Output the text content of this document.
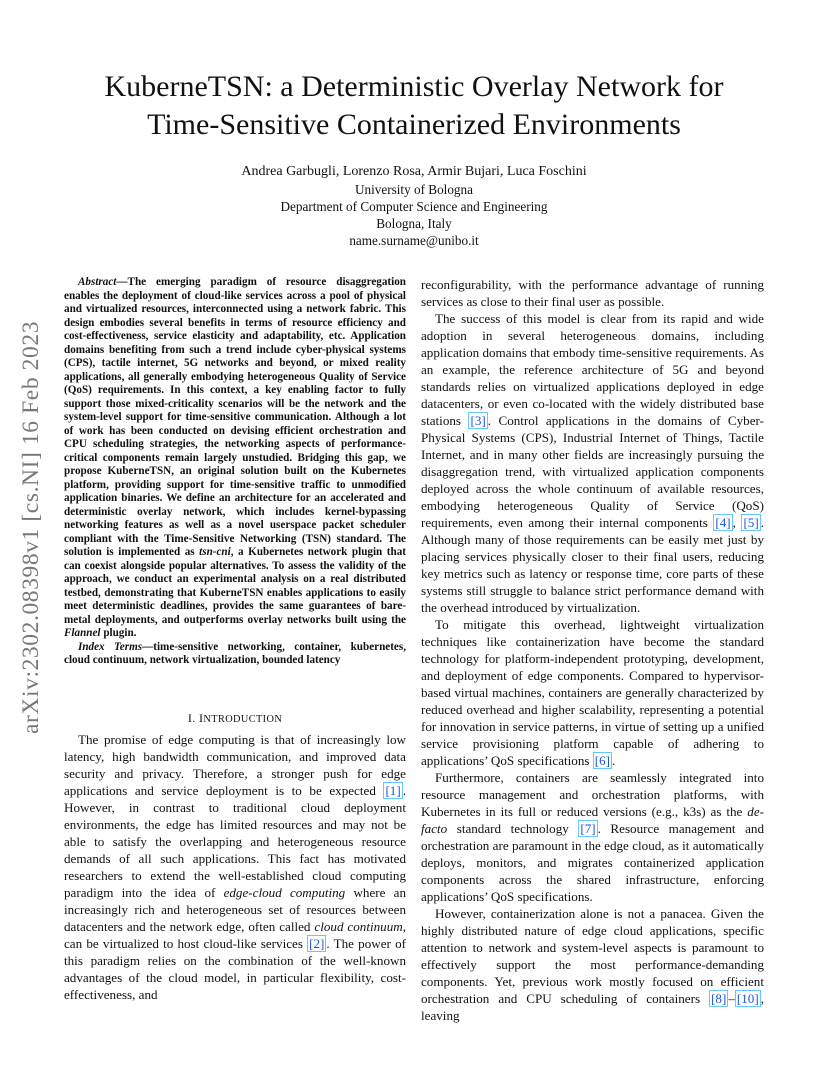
arXiv:2302.08398v1 [cs.NI] 16 Feb 2023
KuberneTSN: a Deterministic Overlay Network for
Time-Sensitive Containerized Environments
Andrea Garbugli, Lorenzo Rosa, Armir Bujari, Luca Foschini
University of Bologna
Department of Computer Science and Engineering
Bologna, Italy
name.surname@unibo.it

Abstract—The emerging paradigm of resource disaggregation enables the deployment of cloud-like services across a pool of physical and virtualized resources, interconnected using a network fabric. This design embodies several benefits in terms of resource efficiency and cost-effectiveness, service elasticity and adaptability, etc. Application domains benefiting from such a trend include cyber-physical systems (CPS), tactile internet, 5G networks and beyond, or mixed reality applications, all generally embodying heterogeneous Quality of Service (QoS) requirements. In this context, a key enabling factor to fully support those mixed-criticality scenarios will be the network and the system-level support for time-sensitive communication. Although a lot of work has been conducted on devising efficient orchestration and CPU scheduling strategies, the networking aspects of performance-critical components remain largely unstudied. Bridging this gap, we propose KuberneTSN, an original solution built on the Kubernetes platform, providing support for time-sensitive traffic to unmodified application binaries. We define an architecture for an accelerated and deterministic overlay network, which includes kernel-bypassing networking features as well as a novel userspace packet scheduler compliant with the Time-Sensitive Networking (TSN) standard. The solution is implemented as tsn-cni, a Kubernetes network plugin that can coexist alongside popular alternatives. To assess the validity of the approach, we conduct an experimental analysis on a real distributed testbed, demonstrating that KuberneTSN enables applications to easily meet deterministic deadlines, provides the same guarantees of bare-metal deployments, and outperforms overlay networks built using the Flannel plugin.

Index Terms—time-sensitive networking, container, kubernetes, cloud continuum, network virtualization, bounded latency

I. INTRODUCTION

The promise of edge computing is that of increasingly low latency, high bandwidth communication, and improved data security and privacy. Therefore, a stronger push for edge applications and service deployment is to be expected [1] . However, in contrast to traditional cloud deployment environments, the edge has limited resources and may not be able to satisfy the overlapping and heterogeneous resource demands of all such applications. This fact has motivated researchers to extend the well-established cloud computing paradigm into the idea of edge-cloud computing where an increasingly rich and heterogeneous set of resources between datacenters and the network edge, often called cloud continuum, can be virtualized to host cloud-like services [2] . The power of this paradigm relies on the combination of the well-known advantages of the cloud model, in particular flexibility, cost-effectiveness, and

reconfigurability, with the performance advantage of running services as close to their final user as possible.

The success of this model is clear from its rapid and wide adoption in several heterogeneous domains, including application domains that embody time-sensitive requirements. As an example, the reference architecture of 5G and beyond standards relies on virtualized applications deployed in edge datacenters, or even co-located with the widely distributed base stations [3] . Control applications in the domains of Cyber-Physical Systems (CPS), Industrial Internet of Things, Tactile Internet, and in many other fields are increasingly pursuing the disaggregation trend, with virtualized application components deployed across the whole continuum of available resources, embodying heterogeneous Quality of Service (QoS) requirements, even among their internal components [4] , [5] . Although many of those requirements can be easily met just by placing services physically closer to their final users, reducing key metrics such as latency or response time, core parts of these systems still struggle to balance strict performance demand with the overhead introduced by virtualization.

To mitigate this overhead, lightweight virtualization techniques like containerization have become the standard technology for platform-independent prototyping, development, and deployment of edge components. Compared to hypervisor-based virtual machines, containers are generally characterized by reduced overhead and higher scalability, representing a potential for innovation in service patterns, in virtue of setting up a unified service provisioning platform capable of adhering to applications’ QoS specifications [6] .

Furthermore, containers are seamlessly integrated into resource management and orchestration platforms, with Kubernetes in its full or reduced versions (e.g., k3s) as the de-facto standard technology [7] . Resource management and orchestration are paramount in the edge cloud, as it automatically deploys, monitors, and migrates containerized application components across the shared infrastructure, enforcing applications’ QoS specifications.

However, containerization alone is not a panacea. Given the highly distributed nature of edge cloud applications, specific attention to network and system-level aspects is paramount to effectively support the most performance-demanding components. Yet, previous work mostly focused on efficient orchestration and CPU scheduling of containers [8] – [10] , leaving
